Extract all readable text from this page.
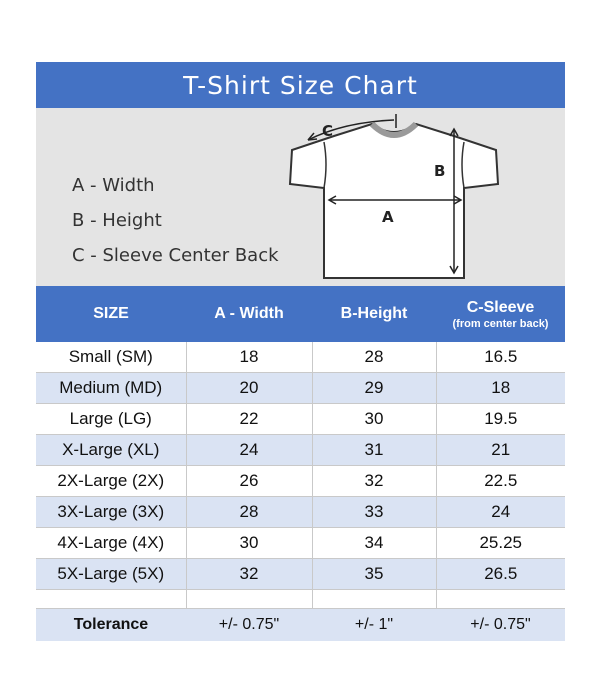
T-Shirt Size Chart
A - Width
B - Height
C - Sleeve Center Back
C
B
A
SIZE	A - Width	B-Height	C-Sleeve
(from center back)

Small (SM)	18	28	16.5
Medium (MD)	20	29	18
Large (LG)	22	30	19.5
X-Large (XL)	24	31	21
2X-Large (2X)	26	32	22.5
3X-Large (3X)	28	33	24
4X-Large (4X)	30	34	25.25
5X-Large (5X)	32	35	26.5

Tolerance	+/- 0.75"	+/- 1"	+/- 0.75"
